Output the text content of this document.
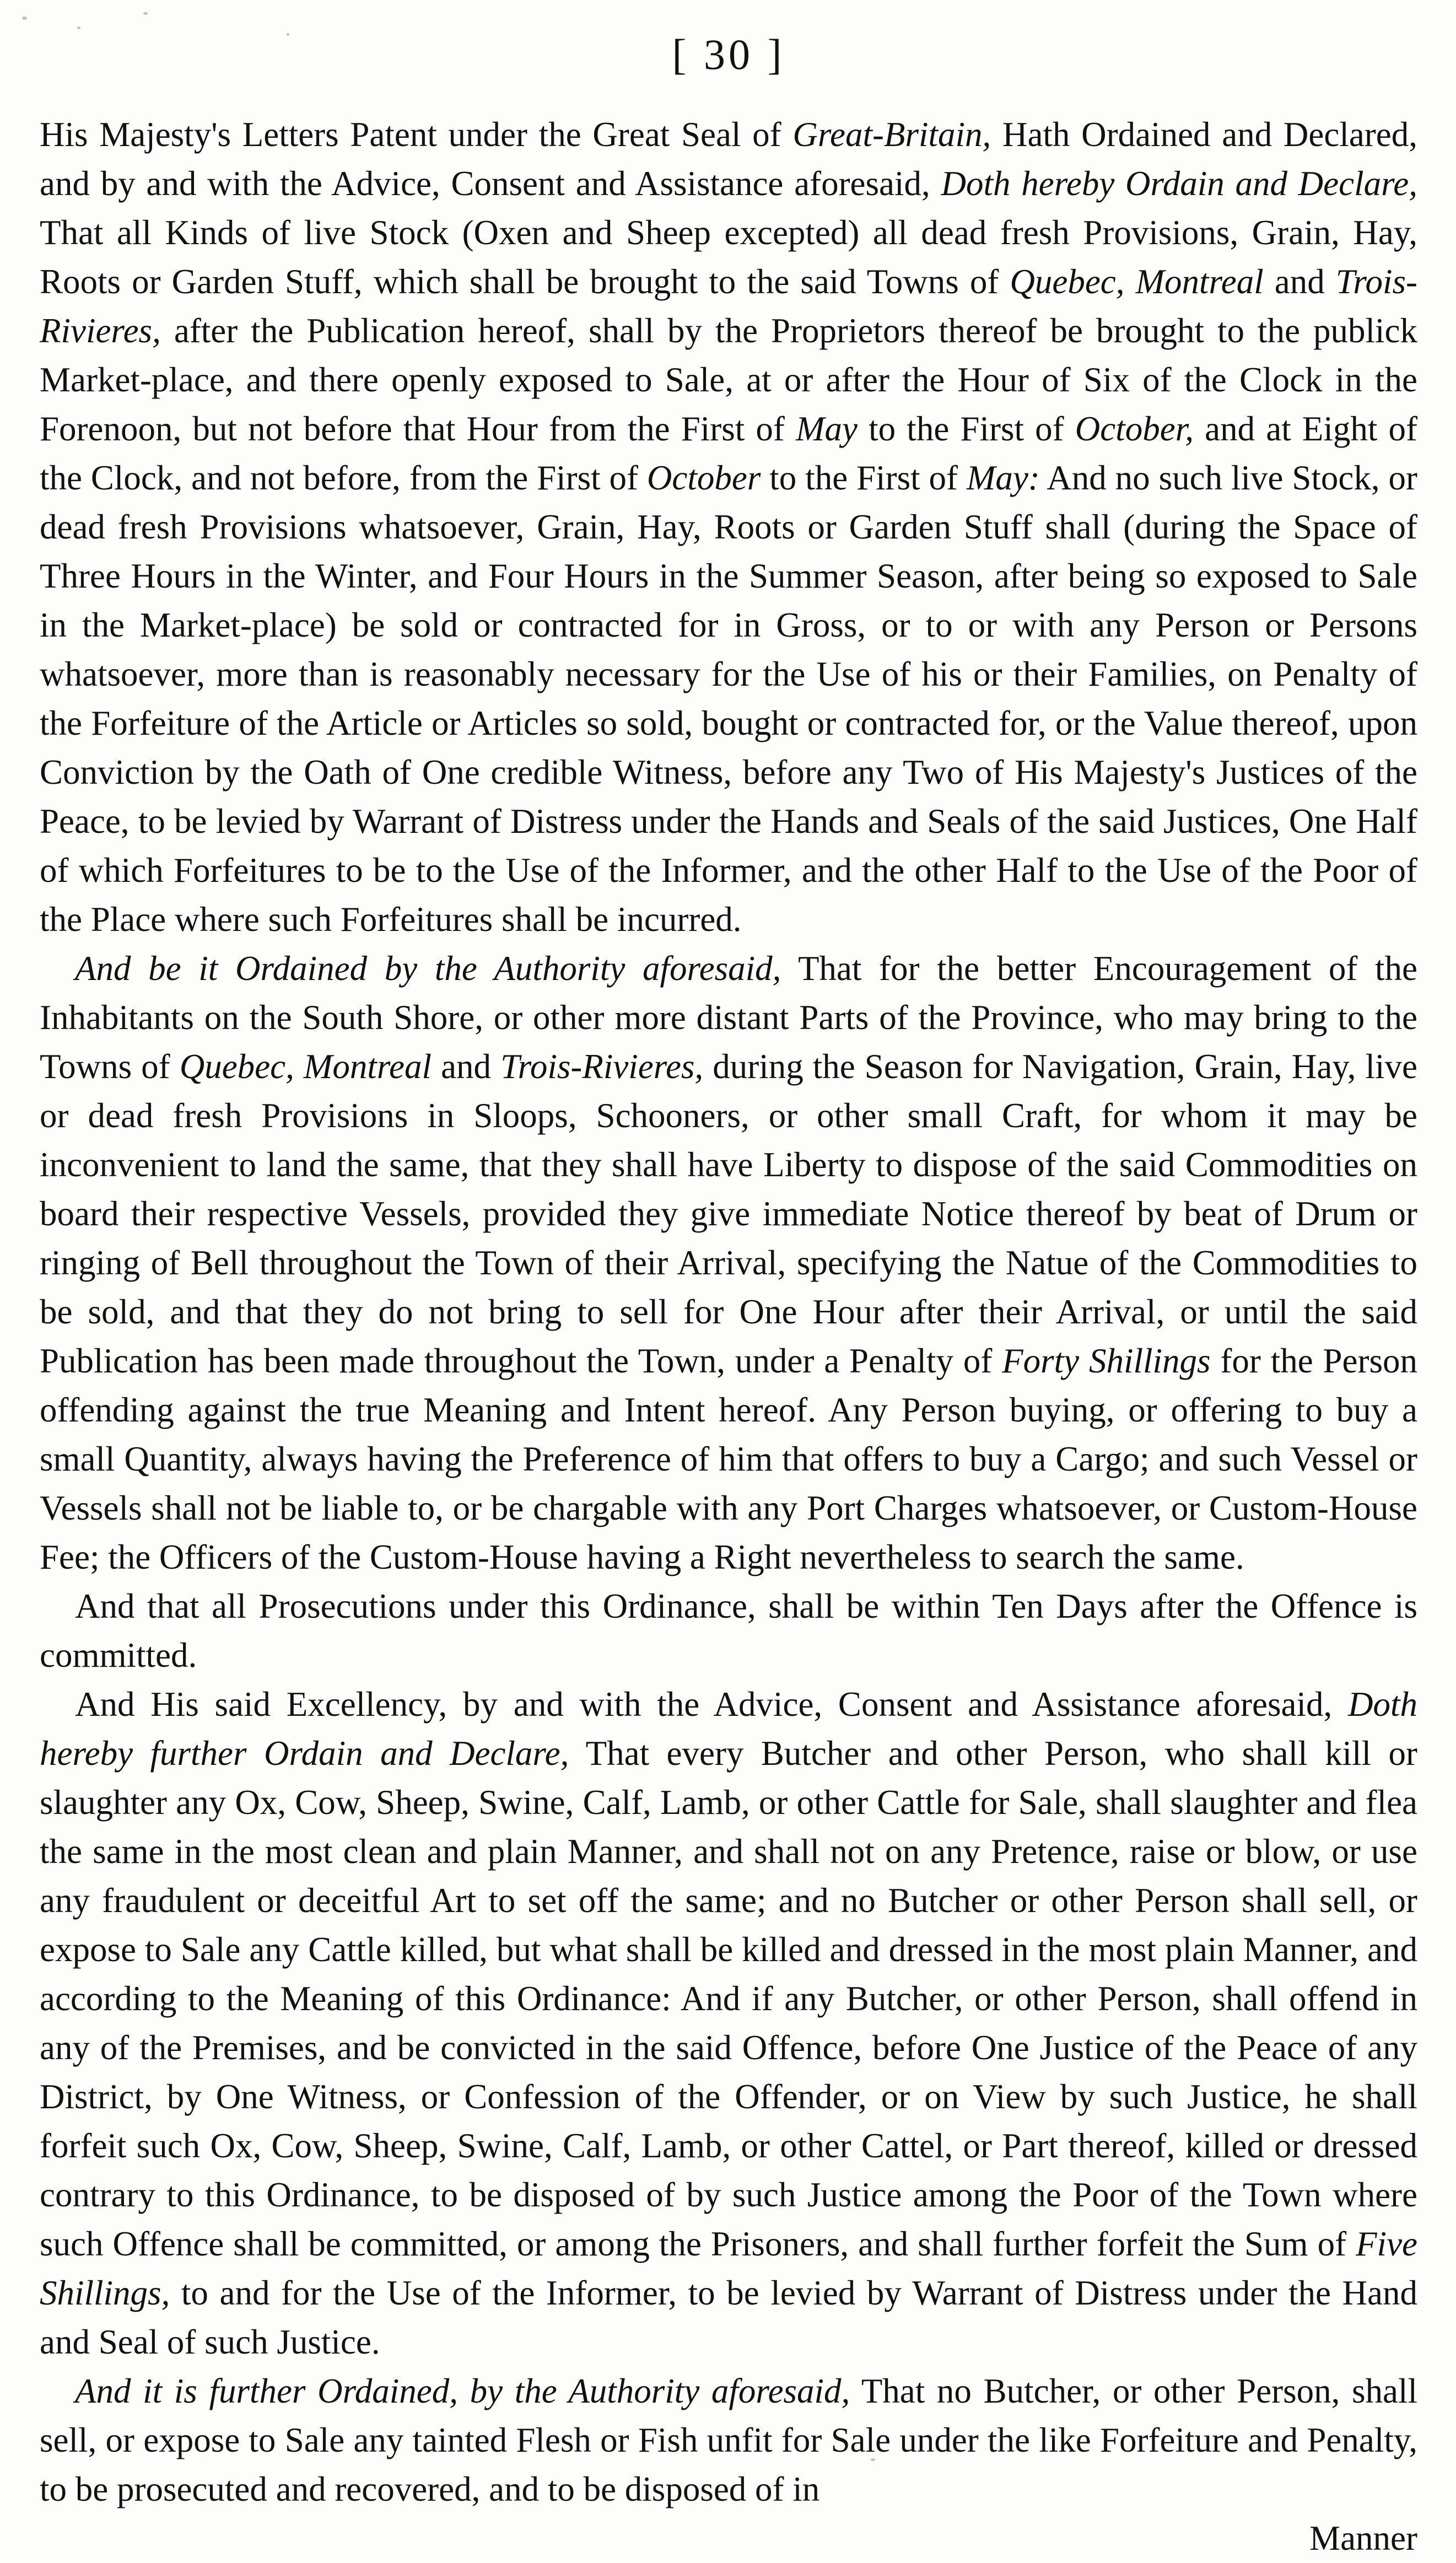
[ 30 ]

His Majesty's Letters Patent under the Great Seal of Great-Britain, Hath Ordained and Declared, and by and with the Advice, Consent and Assistance aforesaid, Doth hereby Ordain and Declare, That all Kinds of live Stock (Oxen and Sheep excepted) all dead fresh Provisions, Grain, Hay, Roots or Garden Stuff, which shall be brought to the said Towns of Quebec, Montreal and Trois-Rivieres, after the Publication hereof, shall by the Proprietors thereof be brought to the publick Market-place, and there openly exposed to Sale, at or after the Hour of Six of the Clock in the Forenoon, but not before that Hour from the First of May to the First of October, and at Eight of the Clock, and not before, from the First of October to the First of May: And no such live Stock, or dead fresh Provisions whatsoever, Grain, Hay, Roots or Garden Stuff shall (during the Space of Three Hours in the Winter, and Four Hours in the Summer Season, after being so exposed to Sale in the Market-place) be sold or contracted for in Gross, or to or with any Person or Persons whatsoever, more than is reasonably necessary for the Use of his or their Families, on Penalty of the Forfeiture of the Article or Articles so sold, bought or contracted for, or the Value thereof, upon Conviction by the Oath of One credible Witness, before any Two of His Majesty's Justices of the Peace, to be levied by Warrant of Distress under the Hands and Seals of the said Justices, One Half of which Forfeitures to be to the Use of the Informer, and the other Half to the Use of the Poor of the Place where such Forfeitures shall be incurred.

And be it Ordained by the Authority aforesaid, That for the better Encouragement of the Inhabitants on the South Shore, or other more distant Parts of the Province, who may bring to the Towns of Quebec, Montreal and Trois-Rivieres, during the Season for Navigation, Grain, Hay, live or dead fresh Provisions in Sloops, Schooners, or other small Craft, for whom it may be inconvenient to land the same, that they shall have Liberty to dispose of the said Commodities on board their respective Vessels, provided they give immediate Notice thereof by beat of Drum or ringing of Bell throughout the Town of their Arrival, specifying the Natue of the Commodities to be sold, and that they do not bring to sell for One Hour after their Arrival, or until the said Publication has been made throughout the Town, under a Penalty of Forty Shillings for the Person offending against the true Meaning and Intent hereof. Any Person buying, or offering to buy a small Quantity, always having the Preference of him that offers to buy a Cargo; and such Vessel or Vessels shall not be liable to, or be chargable with any Port Charges whatsoever, or Custom-House Fee; the Officers of the Custom-House having a Right nevertheless to search the same.

And that all Prosecutions under this Ordinance, shall be within Ten Days after the Offence is committed.

And His said Excellency, by and with the Advice, Consent and Assistance aforesaid, Doth hereby further Ordain and Declare, That every Butcher and other Person, who shall kill or slaughter any Ox, Cow, Sheep, Swine, Calf, Lamb, or other Cattle for Sale, shall slaughter and flea the same in the most clean and plain Manner, and shall not on any Pretence, raise or blow, or use any fraudulent or deceitful Art to set off the same; and no Butcher or other Person shall sell, or expose to Sale any Cattle killed, but what shall be killed and dressed in the most plain Manner, and according to the Meaning of this Ordinance: And if any Butcher, or other Person, shall offend in any of the Premises, and be convicted in the said Offence, before One Justice of the Peace of any District, by One Witness, or Confession of the Offender, or on View by such Justice, he shall forfeit such Ox, Cow, Sheep, Swine, Calf, Lamb, or other Cattel, or Part thereof, killed or dressed contrary to this Ordinance, to be disposed of by such Justice among the Poor of the Town where such Offence shall be committed, or among the Prisoners, and shall further forfeit the Sum of Five Shillings, to and for the Use of the Informer, to be levied by Warrant of Distress under the Hand and Seal of such Justice.

And it is further Ordained, by the Authority aforesaid, That no Butcher, or other Person, shall sell, or expose to Sale any tainted Flesh or Fish unfit for Sale under the like Forfeiture and Penalty, to be prosecuted and recovered, and to be disposed of in

Manner
